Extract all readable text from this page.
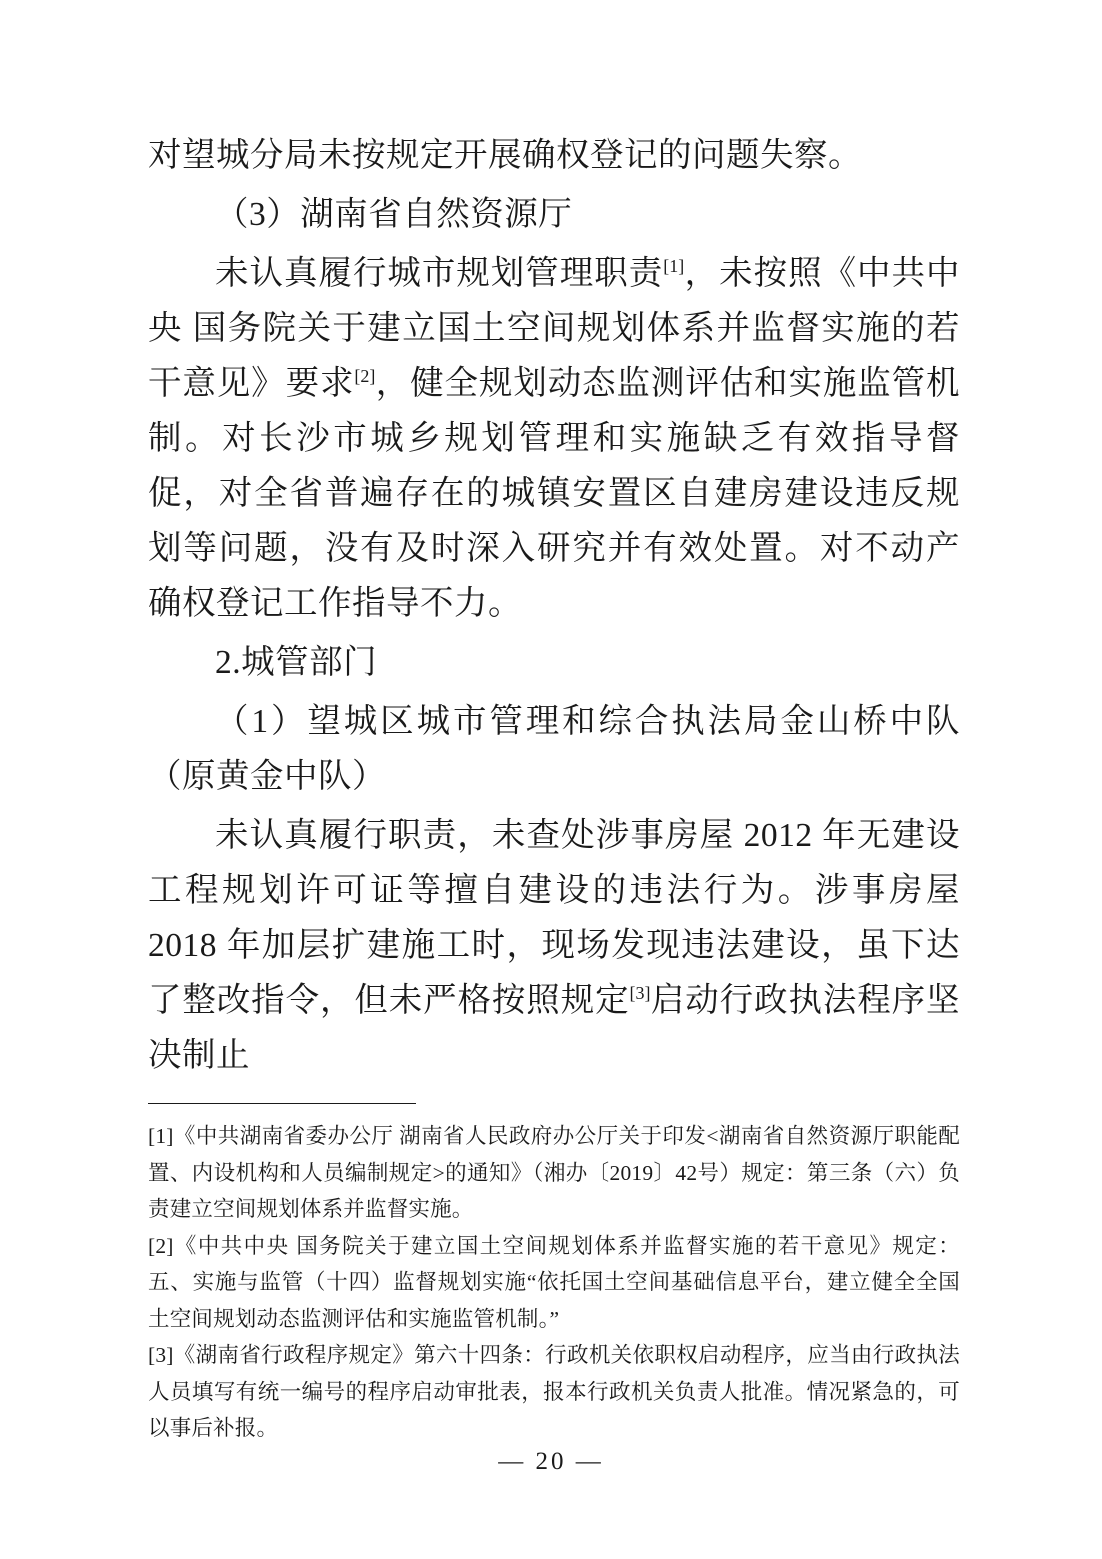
对望城分局未按规定开展确权登记的问题失察。

（3）湖南省自然资源厅

未认真履行城市规划管理职责[1]，未按照《中共中央 国务院关于建立国土空间规划体系并监督实施的若干意见》要求[2]，健全规划动态监测评估和实施监管机制。对长沙市城乡规划管理和实施缺乏有效指导督促，对全省普遍存在的城镇安置区自建房建设违反规划等问题，没有及时深入研究并有效处置。对不动产确权登记工作指导不力。

2.城管部门

（1）望城区城市管理和综合执法局金山桥中队（原黄金中队）

未认真履行职责，未查处涉事房屋 2012 年无建设工程规划许可证等擅自建设的违法行为。涉事房屋 2018 年加层扩建施工时，现场发现违法建设，虽下达了整改指令，但未严格按照规定[3]启动行政执法程序坚决制止

[1]《中共湖南省委办公厅 湖南省人民政府办公厅关于印发<湖南省自然资源厅职能配置、内设机构和人员编制规定>的通知》（湘办〔2019〕42号）规定：第三条（六）负责建立空间规划体系并监督实施。

[2]《中共中央 国务院关于建立国土空间规划体系并监督实施的若干意见》规定：五、实施与监管（十四）监督规划实施“依托国土空间基础信息平台，建立健全全国土空间规划动态监测评估和实施监管机制。”

[3]《湖南省行政程序规定》第六十四条：行政机关依职权启动程序，应当由行政执法人员填写有统一编号的程序启动审批表，报本行政机关负责人批准。情况紧急的，可以事后补报。

— 20 —
